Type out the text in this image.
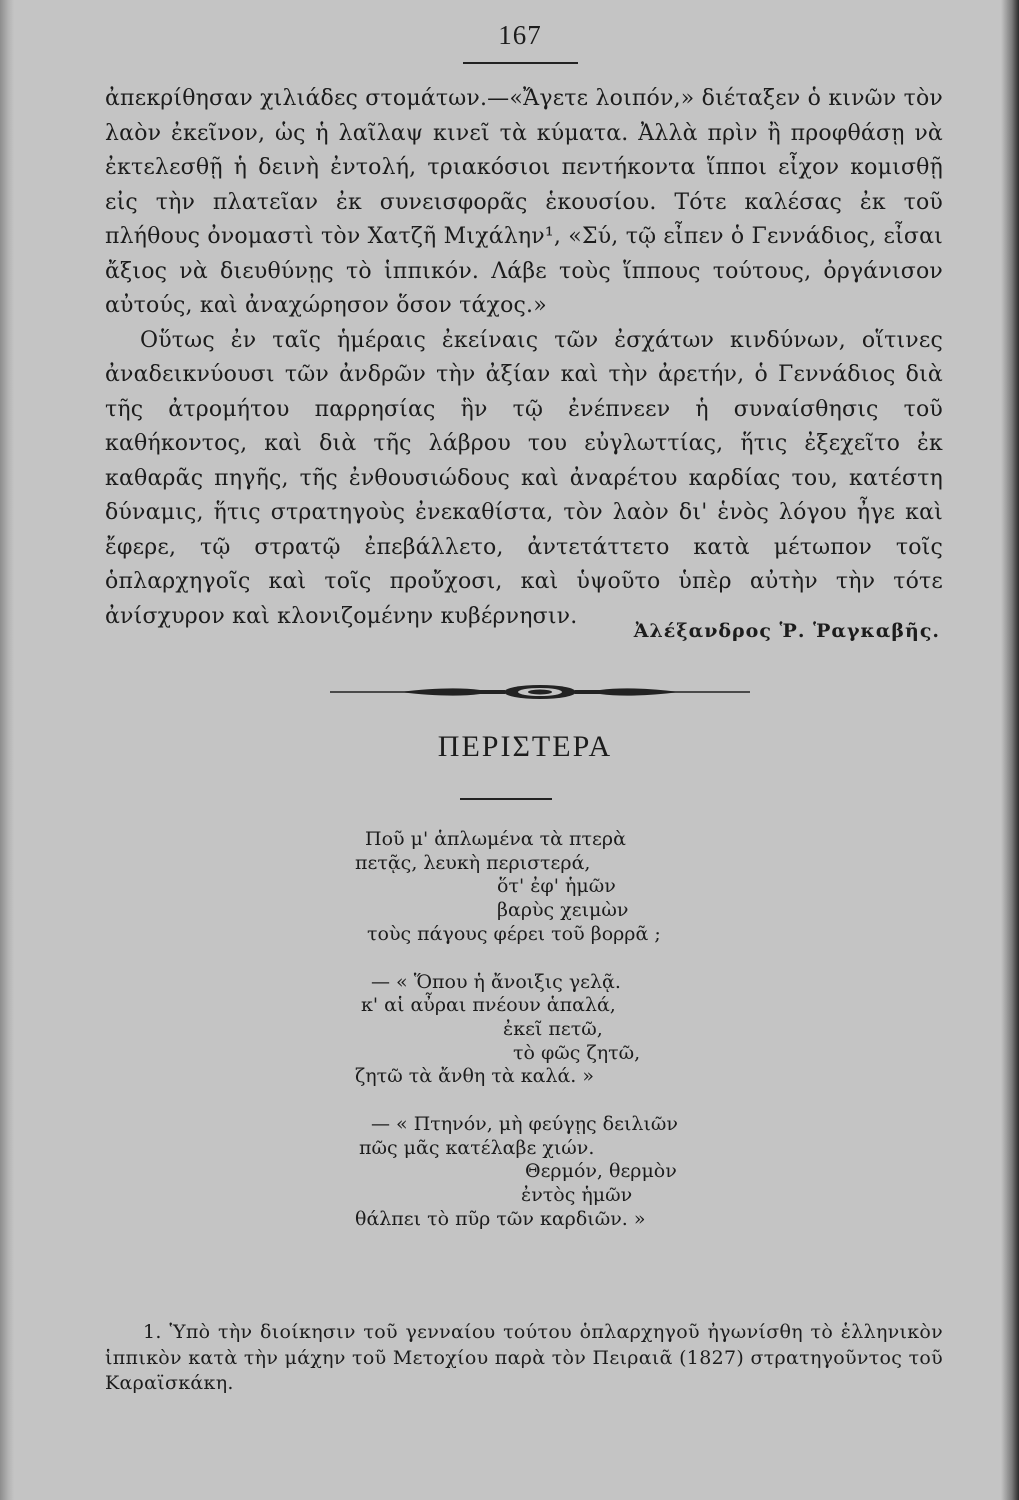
167

ἀπεκρίθησαν χιλιάδες στομάτων.—«Ἄγετε λοιπόν,» διέταξεν ὁ κινῶν τὸν λαὸν ἐκεῖνον, ὡς ἡ λαῖλαψ κινεῖ τὰ κύματα. Ἀλλὰ πρὶν ἢ προφθάσῃ νὰ ἐκτελεσθῇ ἡ δεινὴ ἐντολή, τριακόσιοι πεντήκοντα ἵπποι εἶχον κομισθῇ εἰς τὴν πλατεῖαν ἐκ συνεισφορᾶς ἑκουσίου. Τότε καλέσας ἐκ τοῦ πλήθους ὀνομαστὶ τὸν Χατζῆ Μιχάλην¹, «Σύ, τῷ εἶπεν ὁ Γεννάδιος, εἶσαι ἄξιος νὰ διευθύνῃς τὸ ἱππικόν. Λάβε τοὺς ἵππους τούτους, ὀργάνισον αὐτούς, καὶ ἀναχώρησον ὅσον τάχος.»

Οὕτως ἐν ταῖς ἡμέραις ἐκείναις τῶν ἐσχάτων κινδύνων, οἵτινες ἀναδεικνύουσι τῶν ἀνδρῶν τὴν ἀξίαν καὶ τὴν ἀρετήν, ὁ Γεννάδιος διὰ τῆς ἀτρομήτου παρρησίας ἣν τῷ ἐνέπνεεν ἡ συναίσθησις τοῦ καθήκοντος, καὶ διὰ τῆς λάβρου του εὐγλωττίας, ἥτις ἐξεχεῖτο ἐκ καθαρᾶς πηγῆς, τῆς ἐνθουσιώδους καὶ ἀναρέτου καρδίας του, κατέστη δύναμις, ἥτις στρατηγοὺς ἐνεκαθίστα, τὸν λαὸν δι' ἑνὸς λόγου ἦγε καὶ ἔφερε, τῷ στρατῷ ἐπεβάλλετο, ἀντετάττετο κατὰ μέτωπον τοῖς ὁπλαρχηγοῖς καὶ τοῖς προὔχοσι, καὶ ὑψοῦτο ὑπὲρ αὐτὴν τὴν τότε ἀνίσχυρον καὶ κλονιζομένην κυβέρνησιν.

Ἀλέξανδρος Ῥ. Ῥαγκαβῆς.
ΠΕΡΙΣΤΕΡΑ
Ποῦ μ' ἁπλωμένα τὰ πτερὰ
πετᾷς, λευκὴ περιστερά,
ὅτ' ἐφ' ἡμῶν
βαρὺς χειμὼν
τοὺς πάγους φέρει τοῦ βορρᾶ ;
— « Ὅπου ἡ ἄνοιξις γελᾷ.
κ' αἱ αὖραι πνέουν ἁπαλά,
ἐκεῖ πετῶ,
τὸ φῶς ζητῶ,
ζητῶ τὰ ἄνθη τὰ καλά. »
— « Πτηνόν, μὴ φεύγῃς δειλιῶν
πῶς μᾶς κατέλαβε χιών.
Θερμόν, θερμὸν
ἐντὸς ἡμῶν
θάλπει τὸ πῦρ τῶν καρδιῶν. »
1. Ὑπὸ τὴν διοίκησιν τοῦ γενναίου τούτου ὁπλαρχηγοῦ ἠγωνίσθη τὸ ἑλληνικὸν ἱππικὸν κατὰ τὴν μάχην τοῦ Μετοχίου παρὰ τὸν Πειραιᾶ (1827) στρατηγοῦντος τοῦ Καραϊσκάκη.
